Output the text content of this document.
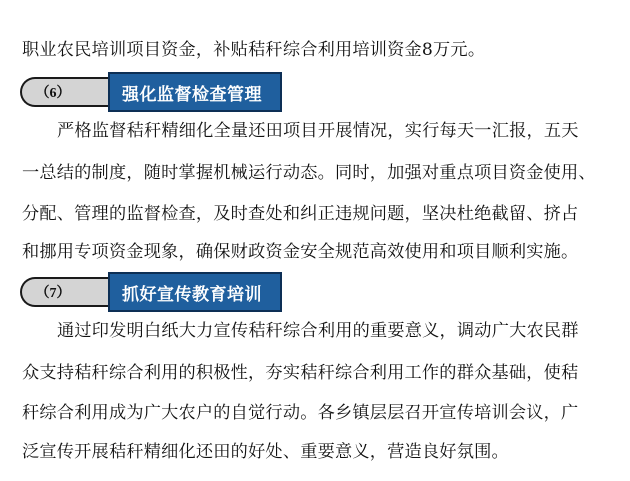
职业农民培训项目资金，补贴秸秆综合利用培训资金8万元。
（6）	强化监督检查管理
严格监督秸秆精细化全量还田项目开展情况，实行每天一汇报，五天
一总结的制度，随时掌握机械运行动态。同时，加强对重点项目资金使用、
分配、管理的监督检查，及时查处和纠正违规问题，坚决杜绝截留、挤占
和挪用专项资金现象，确保财政资金安全规范高效使用和项目顺利实施。
（7）	抓好宣传教育培训
通过印发明白纸大力宣传秸秆综合利用的重要意义，调动广大农民群
众支持秸秆综合利用的积极性，夯实秸秆综合利用工作的群众基础，使秸
秆综合利用成为广大农户的自觉行动。各乡镇层层召开宣传培训会议，广
泛宣传开展秸秆精细化还田的好处、重要意义，营造良好氛围。
